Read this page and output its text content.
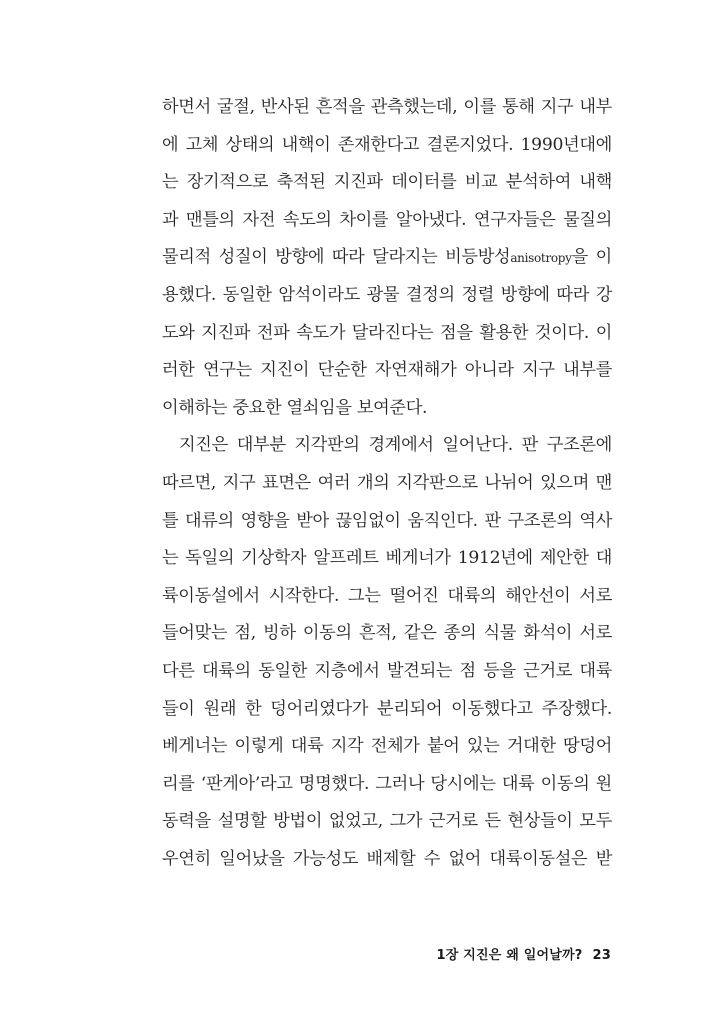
하면서 굴절, 반사된 흔적을 관측했는데, 이를 통해 지구 내부
에 고체 상태의 내핵이 존재한다고 결론지었다. 1990년대에
는 장기적으로 축적된 지진파 데이터를 비교 분석하여 내핵
과 맨틀의 자전 속도의 차이를 알아냈다. 연구자들은 물질의
물리적 성질이 방향에 따라 달라지는 비등방성anisotropy을 이
용했다. 동일한 암석이라도 광물 결정의 정렬 방향에 따라 강
도와 지진파 전파 속도가 달라진다는 점을 활용한 것이다. 이
러한 연구는 지진이 단순한 자연재해가 아니라 지구 내부를
이해하는 중요한 열쇠임을 보여준다.
지진은 대부분 지각판의 경계에서 일어난다. 판 구조론에
따르면, 지구 표면은 여러 개의 지각판으로 나뉘어 있으며 맨
틀 대류의 영향을 받아 끊임없이 움직인다. 판 구조론의 역사
는 독일의 기상학자 알프레트 베게너가 1912년에 제안한 대
륙이동설에서 시작한다. 그는 떨어진 대륙의 해안선이 서로
들어맞는 점, 빙하 이동의 흔적, 같은 종의 식물 화석이 서로
다른 대륙의 동일한 지층에서 발견되는 점 등을 근거로 대륙
들이 원래 한 덩어리였다가 분리되어 이동했다고 주장했다.
베게너는 이렇게 대륙 지각 전체가 붙어 있는 거대한 땅덩어
리를 ‘판게아’라고 명명했다. 그러나 당시에는 대륙 이동의 원
동력을 설명할 방법이 없었고, 그가 근거로 든 현상들이 모두
우연히 일어났을 가능성도 배제할 수 없어 대륙이동설은 받
1장 지진은 왜 일어날까? 23
